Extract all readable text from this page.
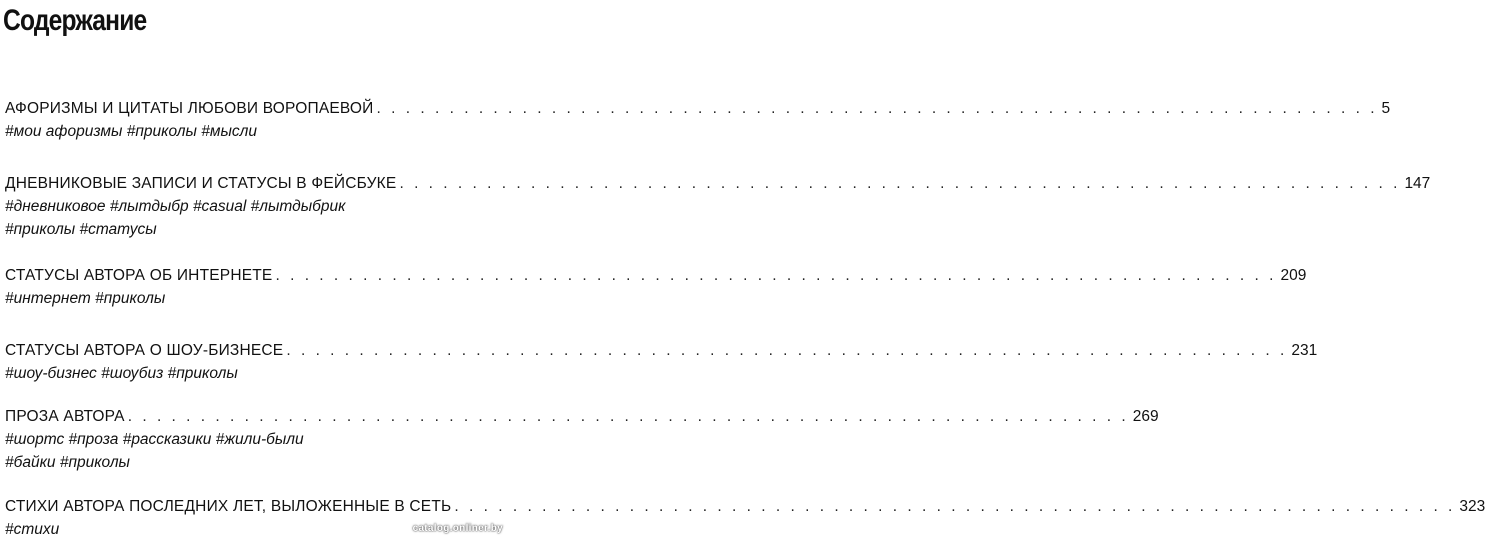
Содержание
АФОРИЗМЫ И ЦИТАТЫ ЛЮБОВИ ВОРОПАЕВОЙ . . . . . . . . . . . . . . . . . . . . . . . . . . . . . . . . . . . . . . . . . . . . . . . . . . . . . . . . . . . . . . . . . . . . . 5
#мои афоризмы #приколы #мысли
ДНЕВНИКОВЫЕ ЗАПИСИ И СТАТУСЫ В ФЕЙСБУКЕ . . . . . . . . . . . . . . . . . . . . . . . . . . . . . . . . . . . . . . . . . . . . . . . . . . . . . . . . . . . . . . . . . . . . . 147
#дневниковое #лытдыбр #casual #лытдыбрик
#приколы #статусы
СТАТУСЫ АВТОРА ОБ ИНТЕРНЕТЕ . . . . . . . . . . . . . . . . . . . . . . . . . . . . . . . . . . . . . . . . . . . . . . . . . . . . . . . . . . . . . . . . . . . . . 209
#интернет #приколы
СТАТУСЫ АВТОРА О ШОУ-БИЗНЕСЕ . . . . . . . . . . . . . . . . . . . . . . . . . . . . . . . . . . . . . . . . . . . . . . . . . . . . . . . . . . . . . . . . . . . . . 231
#шоу-бизнес #шоубиз #приколы
ПРОЗА АВТОРА . . . . . . . . . . . . . . . . . . . . . . . . . . . . . . . . . . . . . . . . . . . . . . . . . . . . . . . . . . . . . . . . . . . . . 269
#шортс #проза #рассказики #жили-были
#байки #приколы
СТИХИ АВТОРА ПОСЛЕДНИХ ЛЕТ, ВЫЛОЖЕННЫЕ В СЕТЬ . . . . . . . . . . . . . . . . . . . . . . . . . . . . . . . . . . . . . . . . . . . . . . . . . . . . . . . . . . . . . . . . . . . . . 323
#стихи	catalog.onliner.by
